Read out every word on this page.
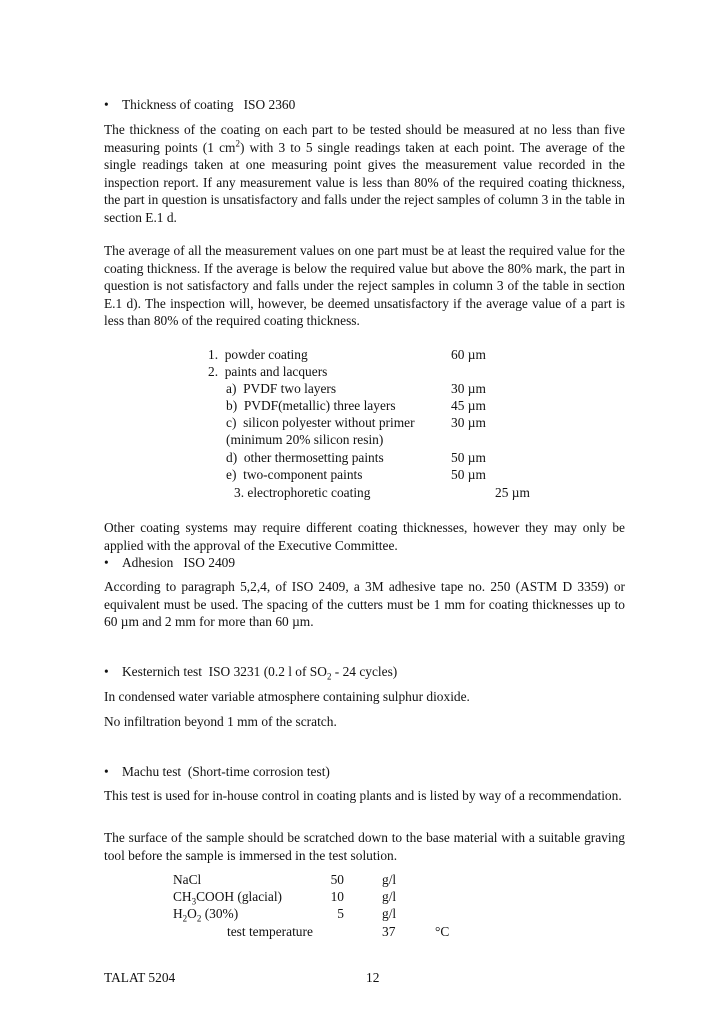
• Thickness of coating   ISO 2360
The thickness of the coating on each part to be tested should be measured at no less than five measuring points (1 $cm^2$) with 3 to 5 single readings taken at each point. The average of the single readings taken at one measuring point gives the measurement value recorded in the inspection report. If any measurement value is less than 80% of the required coating thickness, the part in question is unsatisfactory and falls under the reject samples of column 3 in the table in section E.1 d.
The average of all the measurement values on one part must be at least the required value for the coating thickness. If the average is below the required value but above the 80% mark, the part in question is not satisfactory and falls under the reject samples in column 3 of the table in section E.1 d). The inspection will, however, be deemed unsatisfactory if the average value of a part is less than 80% of the required coating thickness.
1.  powder coating	60 µm
2.  paints and lacquers
a)  PVDF two layers	30 µm
b)  PVDF(metallic) three layers	45 µm
c)  silicon polyester without primer	30 µm
(minimum 20% silicon resin)
d)  other thermosetting paints	50 µm
e)  two-component paints	50 µm
3. electrophoretic coating	25 µm
Other coating systems may require different coating thicknesses, however they may only be applied with the approval of the Executive Committee.
• Adhesion   ISO 2409
According to paragraph 5,2,4, of ISO 2409, a 3M adhesive tape no. 250 (ASTM D 3359) or equivalent must be used. The spacing of the cutters must be 1 mm for coating thicknesses up to 60 µm and 2 mm for more than 60 µm.
• Kesternich test  ISO 3231 (0.2 l of $SO_2 - 24$ cycles)
In condensed water variable atmosphere containing sulphur dioxide.
No infiltration beyond 1 mm of the scratch.
• Machu test  (Short-time corrosion test)
This test is used for in-house control in coating plants and is listed by way of a recommendation.
The surface of the sample should be scratched down to the base material with a suitable graving tool before the sample is immersed in the test solution.
NaCl	50	g/l
$CH_3COOH$ (glacial)	10	g/l
$H_2O_2$ (30%)	5	g/l
test temperature	37	°C
TALAT 5204	12
